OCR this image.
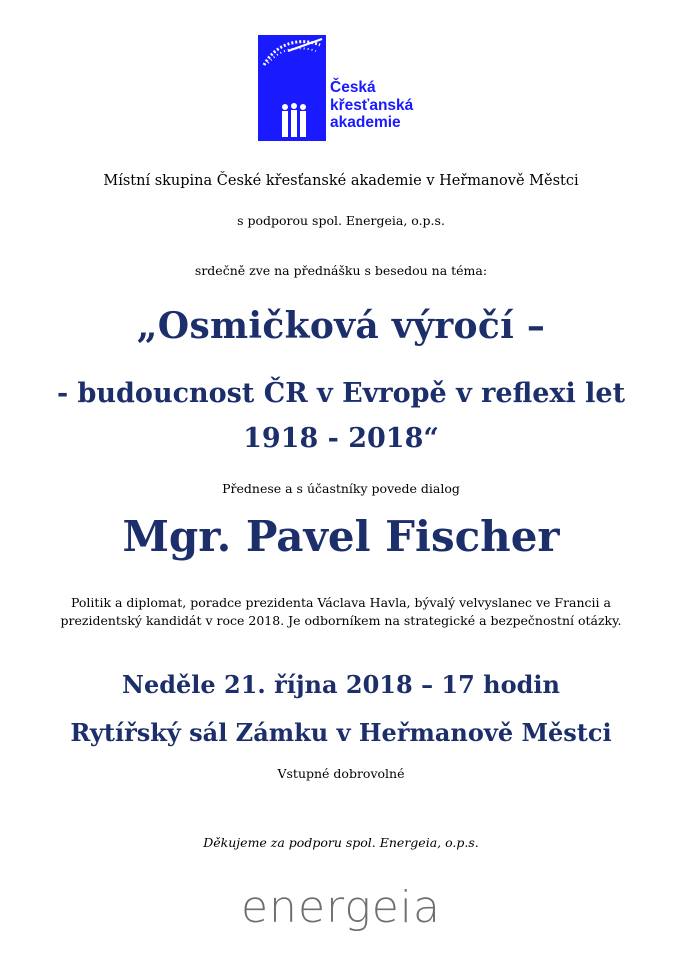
Česká
křesťanská
akademie
Místní skupina České křesťanské akademie v Heřmanově Městci
s podporou spol. Energeia, o.p.s.
srdečně zve na přednášku s besedou na téma:
„Osmičková výročí –
- budoucnost ČR v Evropě v reflexi let
1918 - 2018“
Přednese a s účastníky povede dialog
Mgr. Pavel Fischer
Politik a diplomat, poradce prezidenta Václava Havla, bývalý velvyslanec ve Francii a
prezidentský kandidát v roce 2018. Je odborníkem na strategické a bezpečnostní otázky.
Neděle 21. října 2018 – 17 hodin
Rytířský sál Zámku v Heřmanově Městci
Vstupné dobrovolné
Děkujeme za podporu spol. Energeia, o.p.s.
energeia
